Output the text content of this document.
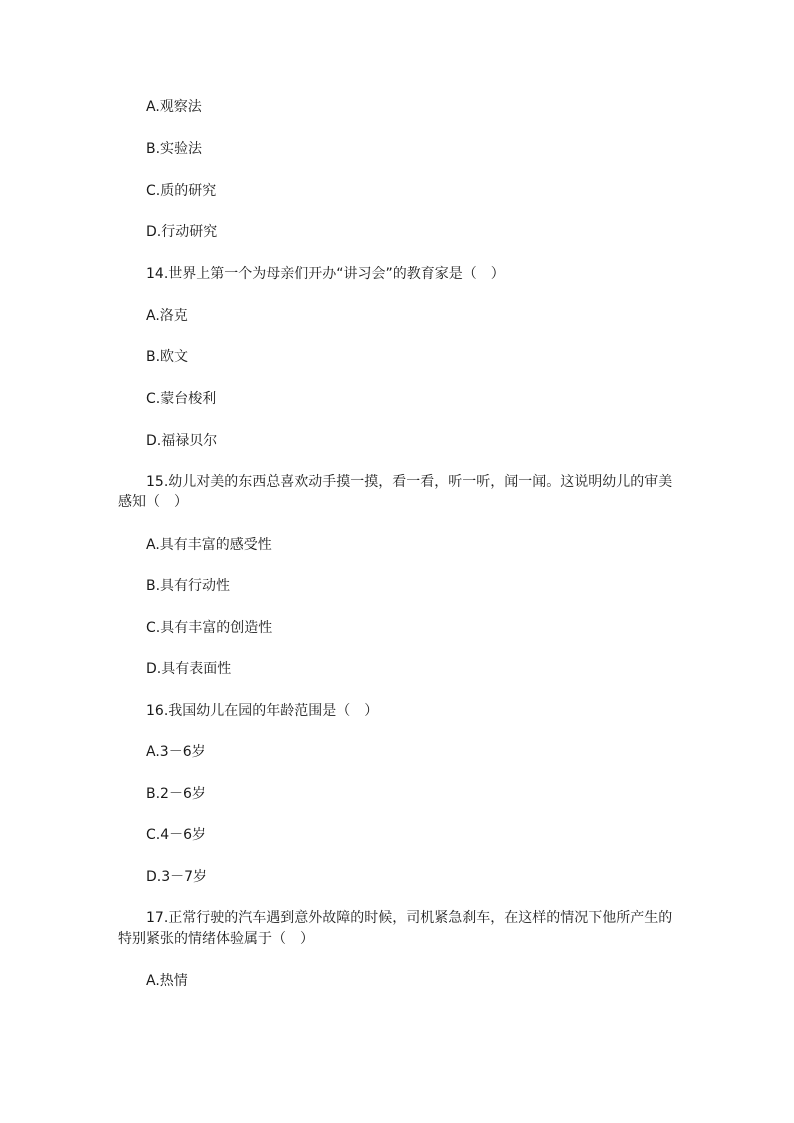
A.观察法

B.实验法

C.质的研究

D.行动研究

14.世界上第一个为母亲们开办“讲习会”的教育家是（　）

A.洛克

B.欧文

C.蒙台梭利

D.福禄贝尔

15.幼儿对美的东西总喜欢动手摸一摸，看一看，听一听，闻一闻。这说明幼儿的审美

感知（　）

A.具有丰富的感受性

B.具有行动性

C.具有丰富的创造性

D.具有表面性

16.我国幼儿在园的年龄范围是（　）

A.3－6岁

B.2－6岁

C.4－6岁

D.3－7岁

17.正常行驶的汽车遇到意外故障的时候，司机紧急刹车，在这样的情况下他所产生的

特别紧张的情绪体验属于（　）

A.热情
